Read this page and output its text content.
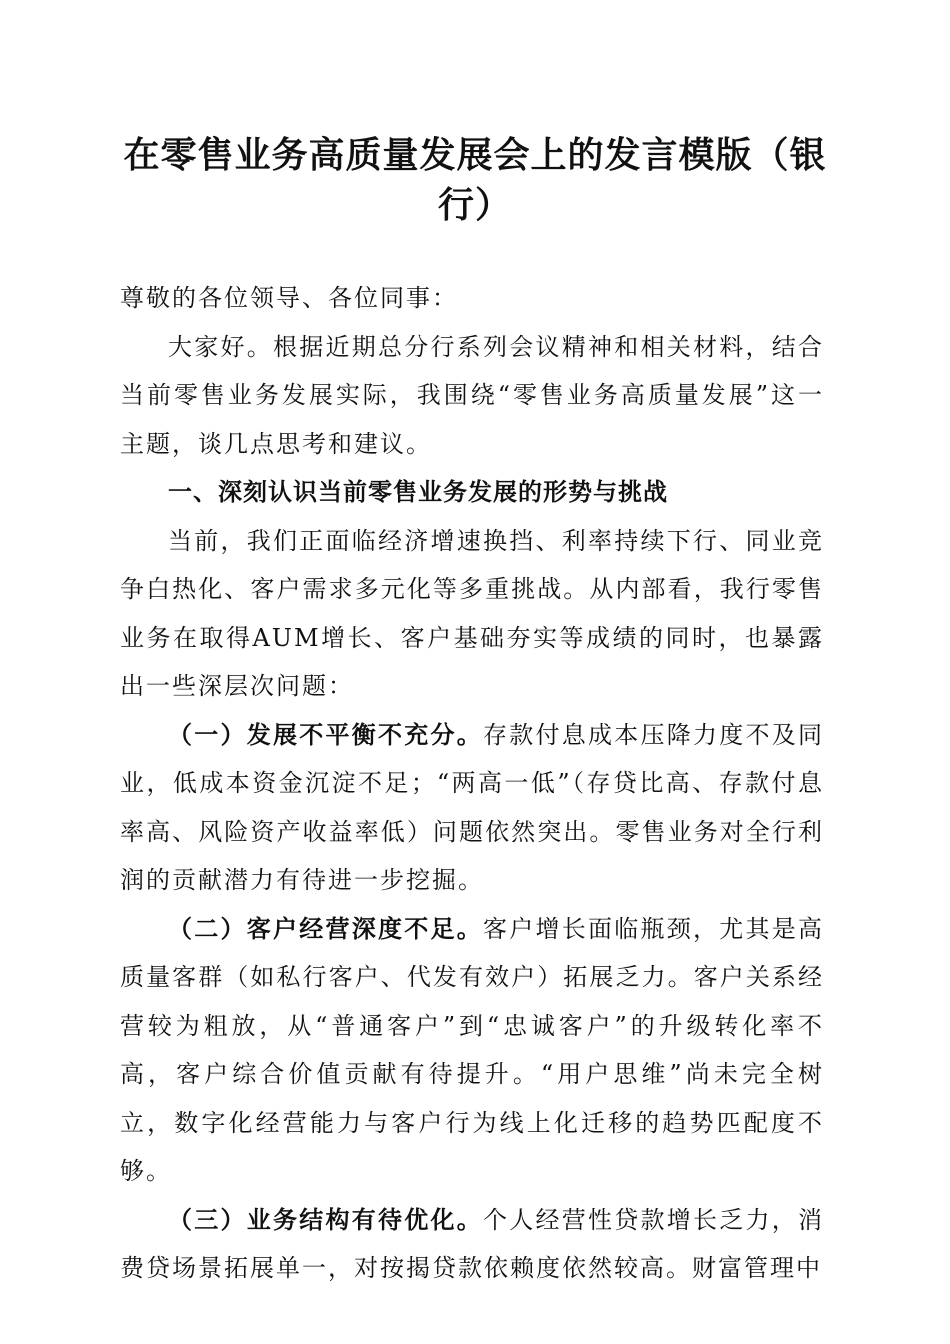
在零售业务高质量发展会上的发言模版（银行）

尊敬的各位领导、各位同事：

大家好。根据近期总分行系列会议精神和相关材料，结合当前零售业务发展实际，我围绕“零售业务高质量发展”这一主题，谈几点思考和建议。

一、深刻认识当前零售业务发展的形势与挑战

当前，我们正面临经济增速换挡、利率持续下行、同业竞争白热化、客户需求多元化等多重挑战。从内部看，我行零售业务在取得AUM增长、客户基础夯实等成绩的同时，也暴露出一些深层次问题：

（一）发展不平衡不充分。存款付息成本压降力度不及同业，低成本资金沉淀不足；“两高一低”（存贷比高、存款付息率高、风险资产收益率低）问题依然突出。零售业务对全行利润的贡献潜力有待进一步挖掘。

（二）客户经营深度不足。客户增长面临瓶颈，尤其是高质量客群（如私行客户、代发有效户）拓展乏力。客户关系经营较为粗放，从“普通客户”到“忠诚客户”的升级转化率不高，客户综合价值贡献有待提升。“用户思维”尚未完全树立，数字化经营能力与客户行为线上化迁移的趋势匹配度不够。

（三）业务结构有待优化。个人经营性贷款增长乏力，消费贷场景拓展单一，对按揭贷款依赖度依然较高。财富管理中
